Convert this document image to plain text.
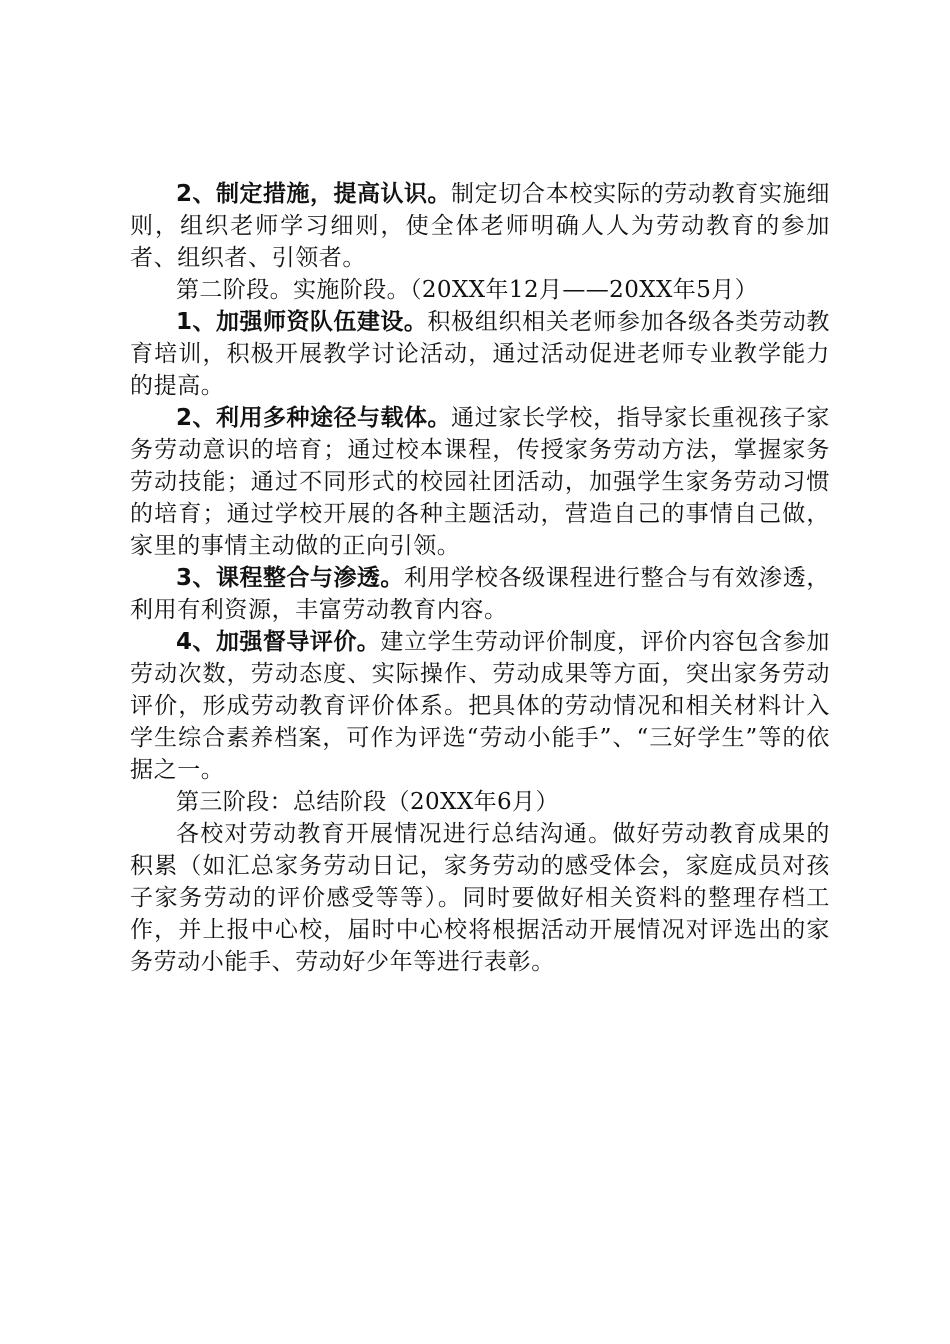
2、制定措施，提高认识。制定切合本校实际的劳动教育实施细则，组织老师学习细则，使全体老师明确人人为劳动教育的参加者、组织者、引领者。

第二阶段。实施阶段。（20XX年12月——20XX年5月）

1、加强师资队伍建设。积极组织相关老师参加各级各类劳动教育培训，积极开展教学讨论活动，通过活动促进老师专业教学能力的提高。

2、利用多种途径与载体。通过家长学校，指导家长重视孩子家务劳动意识的培育；通过校本课程，传授家务劳动方法，掌握家务劳动技能；通过不同形式的校园社团活动，加强学生家务劳动习惯的培育；通过学校开展的各种主题活动，营造自己的事情自己做，家里的事情主动做的正向引领。

3、课程整合与渗透。利用学校各级课程进行整合与有效渗透，利用有利资源，丰富劳动教育内容。

4、加强督导评价。建立学生劳动评价制度，评价内容包含参加劳动次数，劳动态度、实际操作、劳动成果等方面，突出家务劳动评价，形成劳动教育评价体系。把具体的劳动情况和相关材料计入学生综合素养档案，可作为评选“劳动小能手”、“三好学生”等的依据之一。

第三阶段：总结阶段（20XX年6月）

各校对劳动教育开展情况进行总结沟通。做好劳动教育成果的积累（如汇总家务劳动日记，家务劳动的感受体会，家庭成员对孩子家务劳动的评价感受等等）。同时要做好相关资料的整理存档工作，并上报中心校，届时中心校将根据活动开展情况对评选出的家务劳动小能手、劳动好少年等进行表彰。
